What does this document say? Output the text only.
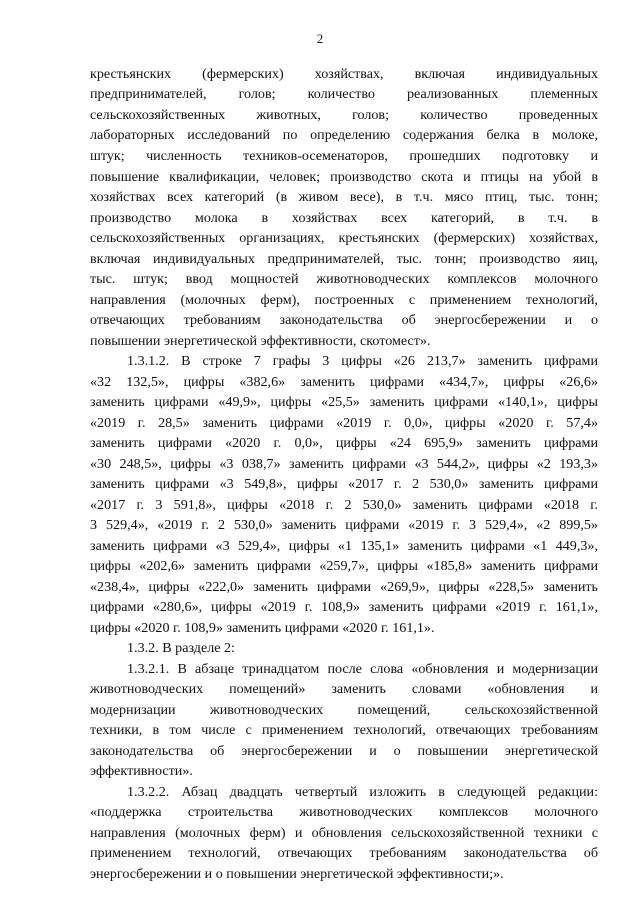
2
крестьянских (фермерских) хозяйствах, включая индивидуальных
предпринимателей, голов; количество реализованных племенных
сельскохозяйственных животных, голов; количество проведенных
лабораторных исследований по определению содержания белка в молоке,
штук; численность техников-осеменаторов, прошедших подготовку и
повышение квалификации, человек; производство скота и птицы на убой в
хозяйствах всех категорий (в живом весе), в т.ч. мясо птиц, тыс. тонн;
производство молока в хозяйствах всех категорий, в т.ч. в
сельскохозяйственных организациях, крестьянских (фермерских) хозяйствах,
включая индивидуальных предпринимателей, тыс. тонн; производство яиц,
тыс. штук; ввод мощностей животноводческих комплексов молочного
направления (молочных ферм), построенных с применением технологий,
отвечающих требованиям законодательства об энергосбережении и о
повышении энергетической эффективности, скотомест».
1.3.1.2. В строке 7 графы 3 цифры «26 213,7» заменить цифрами
«32 132,5», цифры «382,6» заменить цифрами «434,7», цифры «26,6»
заменить цифрами «49,9», цифры «25,5» заменить цифрами «140,1», цифры
«2019 г. 28,5» заменить цифрами «2019 г. 0,0», цифры «2020 г. 57,4»
заменить цифрами «2020 г. 0,0», цифры «24 695,9» заменить цифрами
«30 248,5», цифры «3 038,7» заменить цифрами «3 544,2», цифры «2 193,3»
заменить цифрами «3 549,8», цифры «2017 г. 2 530,0» заменить цифрами
«2017 г. 3 591,8», цифры «2018 г. 2 530,0» заменить цифрами «2018 г.
3 529,4», «2019 г. 2 530,0» заменить цифрами «2019 г. 3 529,4», «2 899,5»
заменить цифрами «3 529,4», цифры «1 135,1» заменить цифрами «1 449,3»,
цифры «202,6» заменить цифрами «259,7», цифры «185,8» заменить цифрами
«238,4», цифры «222,0» заменить цифрами «269,9», цифры «228,5» заменить
цифрами «280,6», цифры «2019 г. 108,9» заменить цифрами «2019 г. 161,1»,
цифры «2020 г. 108,9» заменить цифрами «2020 г. 161,1».
1.3.2. В разделе 2:
1.3.2.1. В абзаце тринадцатом после слова «обновления и модернизации
животноводческих помещений» заменить словами «обновления и
модернизации животноводческих помещений, сельскохозяйственной
техники, в том числе с применением технологий, отвечающих требованиям
законодательства об энергосбережении и о повышении энергетической
эффективности».
1.3.2.2. Абзац двадцать четвертый изложить в следующей редакции:
«поддержка строительства животноводческих комплексов молочного
направления (молочных ферм) и обновления сельскохозяйственной техники с
применением технологий, отвечающих требованиям законодательства об
энергосбережении и о повышении энергетической эффективности;».
